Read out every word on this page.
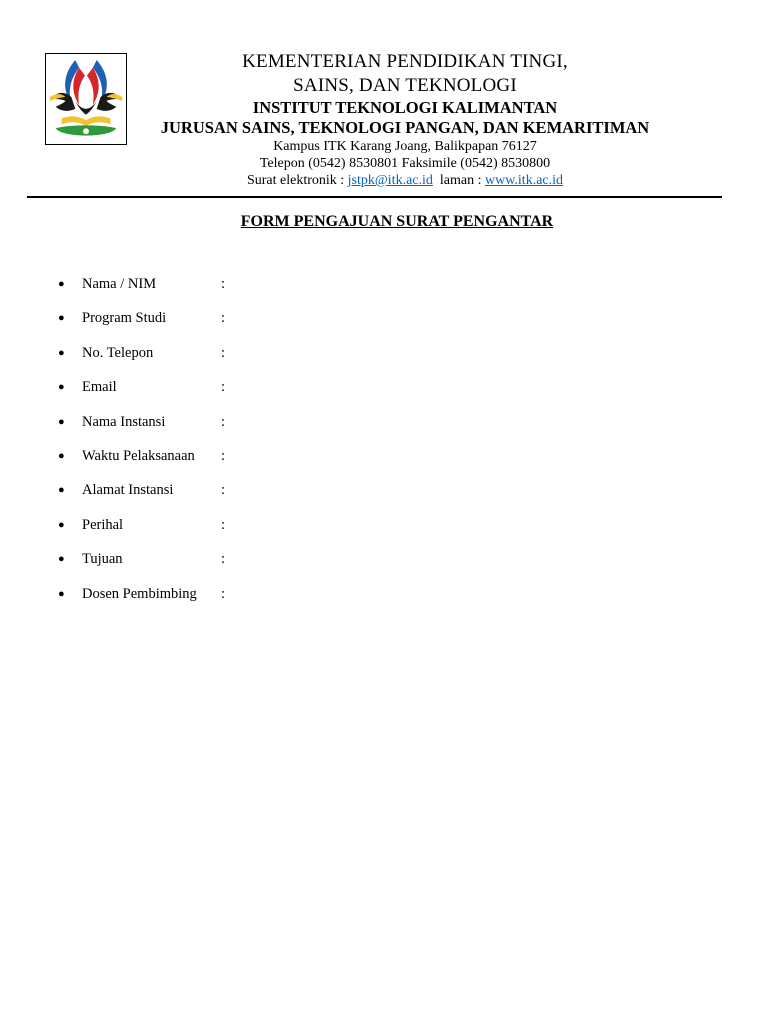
KEMENTERIAN PENDIDIKAN TINGI,
SAINS, DAN TEKNOLOGI
INSTITUT TEKNOLOGI KALIMANTAN
JURUSAN SAINS, TEKNOLOGI PANGAN, DAN KEMARITIMAN
Kampus ITK Karang Joang, Balikpapan 76127
Telepon (0542) 8530801 Faksimile (0542) 8530800
Surat elektronik : jstpk@itk.ac.id laman : www.itk.ac.id
FORM PENGAJUAN SURAT PENGANTAR
● Nama / NIM	:
● Program Studi	:
● No. Telepon	:
● Email	:
● Nama Instansi	:
● Waktu Pelaksanaan :
● Alamat Instansi	:
● Perihal	:
● Tujuan	:
● Dosen Pembimbing :
